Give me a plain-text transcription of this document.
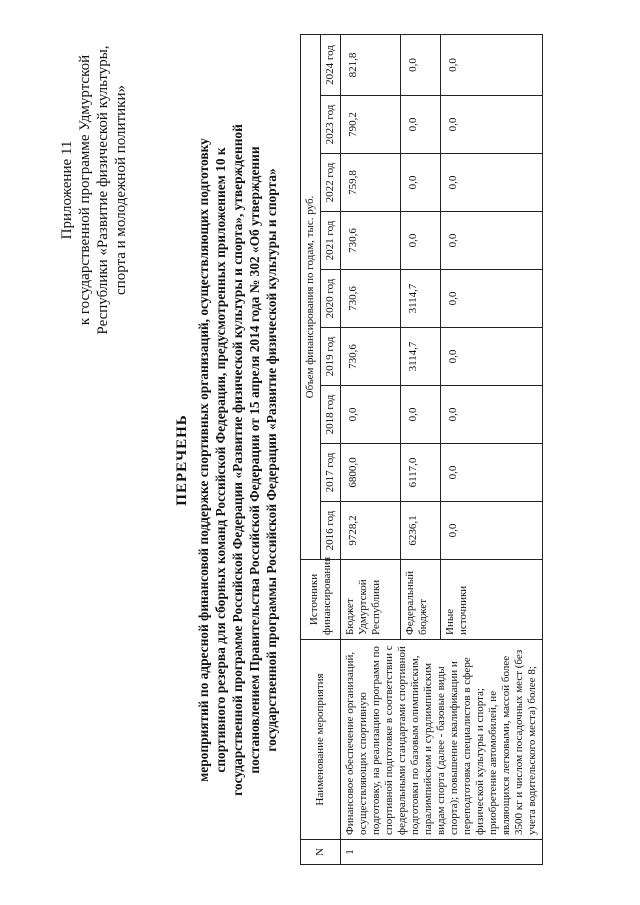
Приложение 11 к государственной программе Удмуртской Республики «Развитие физической культуры, спорта и молодежной политики»
ПЕРЕЧЕНЬ мероприятий по адресной финансовой поддержке спортивных организаций, осуществляющих подготовку спортивного резерва для сборных команд Российской Федерации, предусмотренных приложением 10 к государственной программе Российской Федерации «Развитие физической культуры и спорта», утвержденной постановлением Правительства Российской Федерации от 15 апреля 2014 года № 302 «Об утверждении государственной программы Российской Федерации «Развитие физической культуры и спорта»
N	Наименование мероприятия	Источники финансирования	Объем финансирования по годам, тыс. руб.								
			2016 год	2017 год	2018 год	2019 год	2020 год	2021 год	2022 год	2023 год	2024 год
1	Финансовое обеспечение организаций, осуществляющих спортивную подготовку, на реализацию программ по спортивной подготовке в соответствии с федеральными стандартами спортивной подготовки по базовым олимпийским, паралимпийским и сурдлимпийским видам спорта (далее - базовые виды спорта); повышение квалификации и переподготовка специалистов в сфере физической культуры и спорта; приобретение автомобилей, не являющихся легковыми, массой более 3500 кг и числом посадочных мест (без учета водительского места) более 8;	Бюджет Удмуртской Республики	9728,2	6800,0	0,0	730,6	730,6	730,6	759,8	790,2	821,8
		Федеральный бюджет	6236,1	6117,0	0,0	3114,7	3114,7	0,0	0,0	0,0	0,0
		Иные источники	0,0	0,0	0,0	0,0	0,0	0,0	0,0	0,0	0,0
